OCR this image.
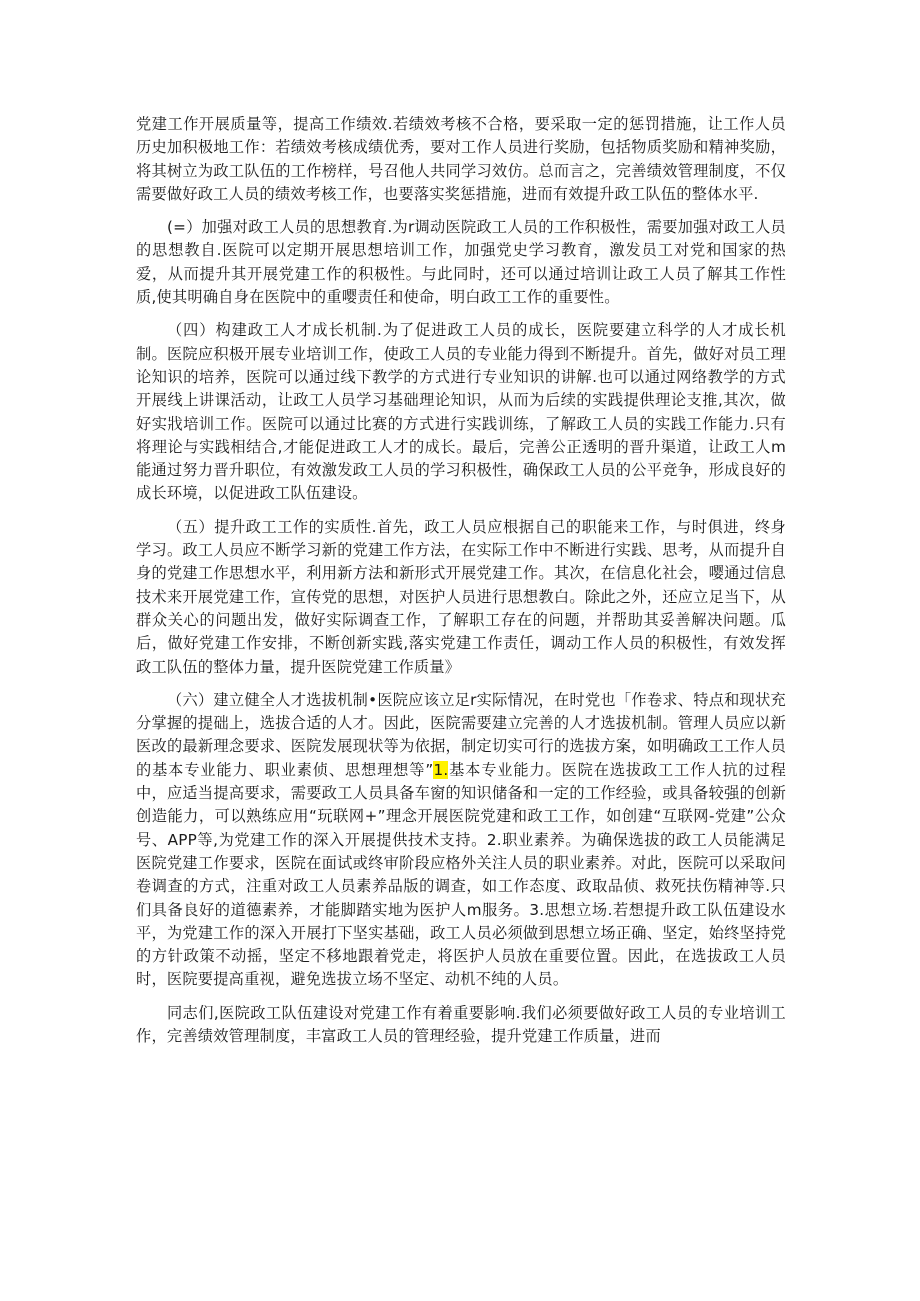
党建工作开展质量等，提高工作绩效.若绩效考核不合格，要采取一定的惩罚措施，让工作人员历史加积极地工作：若绩效考核成绩优秀，要对工作人员进行奖励，包括物质奖励和精神奖励，将其树立为政工队伍的工作榜样，号召他人共同学习效仿。总而言之，完善绩效管理制度，不仅需要做好政工人员的绩效考核工作，也要落实奖惩措施，进而有效提升政工队伍的整体水平.

(=）加强对政工人员的思想教育.为r调动医院政工人员的工作积极性，需要加强对政工人员的思想教自.医院可以定期开展思想培训工作，加强党史学习教育，激发员工对党和国家的热爱，从而提升其开展党建工作的积极性。与此同时，还可以通过培训让政工人员了解其工作性质,使其明确自身在医院中的重嘤责任和使命，明白政工工作的重要性。

（四）构建政工人才成长机制.为了促进政工人员的成长，医院要建立科学的人才成长机制。医院应积极开展专业培训工作，使政工人员的专业能力得到不断提升。首先，做好对员工理论知识的培养，医院可以通过线下教学的方式进行专业知识的讲解.也可以通过网络教学的方式开展线上讲课活动，让政工人员学习基础理论知识，从而为后续的实践提供理论支推,其次，做好实戕培训工作。医院可以通过比赛的方式进行实践训练，了解政工人员的实践工作能力.只有将理论与实践相结合,才能促进政工人才的成长。最后，完善公正透明的晋升渠道，让政工人m能通过努力晋升职位，有效激发政工人员的学习积极性，确保政工人员的公平竞争，形成良好的成长环境，以促进政工队伍建设。

（五）提升政工工作的实质性.首先，政工人员应根据自己的职能来工作，与时俱进，终身学习。政工人员应不断学习新的党建工作方法，在实际工作中不断进行实践、思考，从而提升自身的党建工作思想水平，利用新方法和新形式开展党建工作。其次，在信息化社会，嘤通过信息技术来开展党建工作，宣传党的思想，对医护人员进行思想教白。除此之外，还应立足当下，从群众关心的问题出发，做好实际调查工作，了解职工存在的问题，并帮助其妥善解决问题。瓜后，做好党建工作安排，不断创新实践,落实党建工作责任，调动工作人员的积极性，有效发挥政工队伍的整体力量，提升医院党建工作质量》

（六）建立健全人才选拔机制•医院应该立足r实际情况，在时党也「作卷求、特点和现状充分掌握的提础上，选拔合适的人才。因此，医院需要建立完善的人才选拔机制。管理人员应以新医改的最新理念要求、医院发展现状等为依据，制定切实可行的选拔方案，如明确政工工作人员的基本专业能力、职业素侦、思想理想等”1.基本专业能力。医院在选拔政工工作人抗的过程中，应适当提高要求，需要政工人员具备车窗的知识储备和一定的工作经验，或具备较强的创新创造能力，可以熟练应用“玩联网+”理念开展医院党建和政工工作，如创建“互联网-党建”公众号、APP等,为党建工作的深入开展提供技术支持。2.职业素养。为确保选拔的政工人员能满足医院党建工作要求，医院在面试或终审阶段应格外关注人员的职业素养。对此，医院可以采取问卷调查的方式，注重对政工人员素养品版的调查，如工作态度、政取品侦、救死扶伤精神等.只们具备良好的道德素养，才能脚踏实地为医护人m服务。3.思想立场.若想提升政工队伍建设水平，为党建工作的深入开展打下坚实基础，政工人员必须做到思想立场正确、坚定，始终坚持党的方针政策不动摇，坚定不移地跟着党走，将医护人员放在重要位置。因此，在选拔政工人员时，医院要提高重视，避免选拔立场不坚定、动机不纯的人员。

同志们,医院政工队伍建设对党建工作有着重要影响.我们必须要做好政工人员的专业培训工作，完善绩效管理制度，丰富政工人员的管理经验，提升党建工作质量，进而
